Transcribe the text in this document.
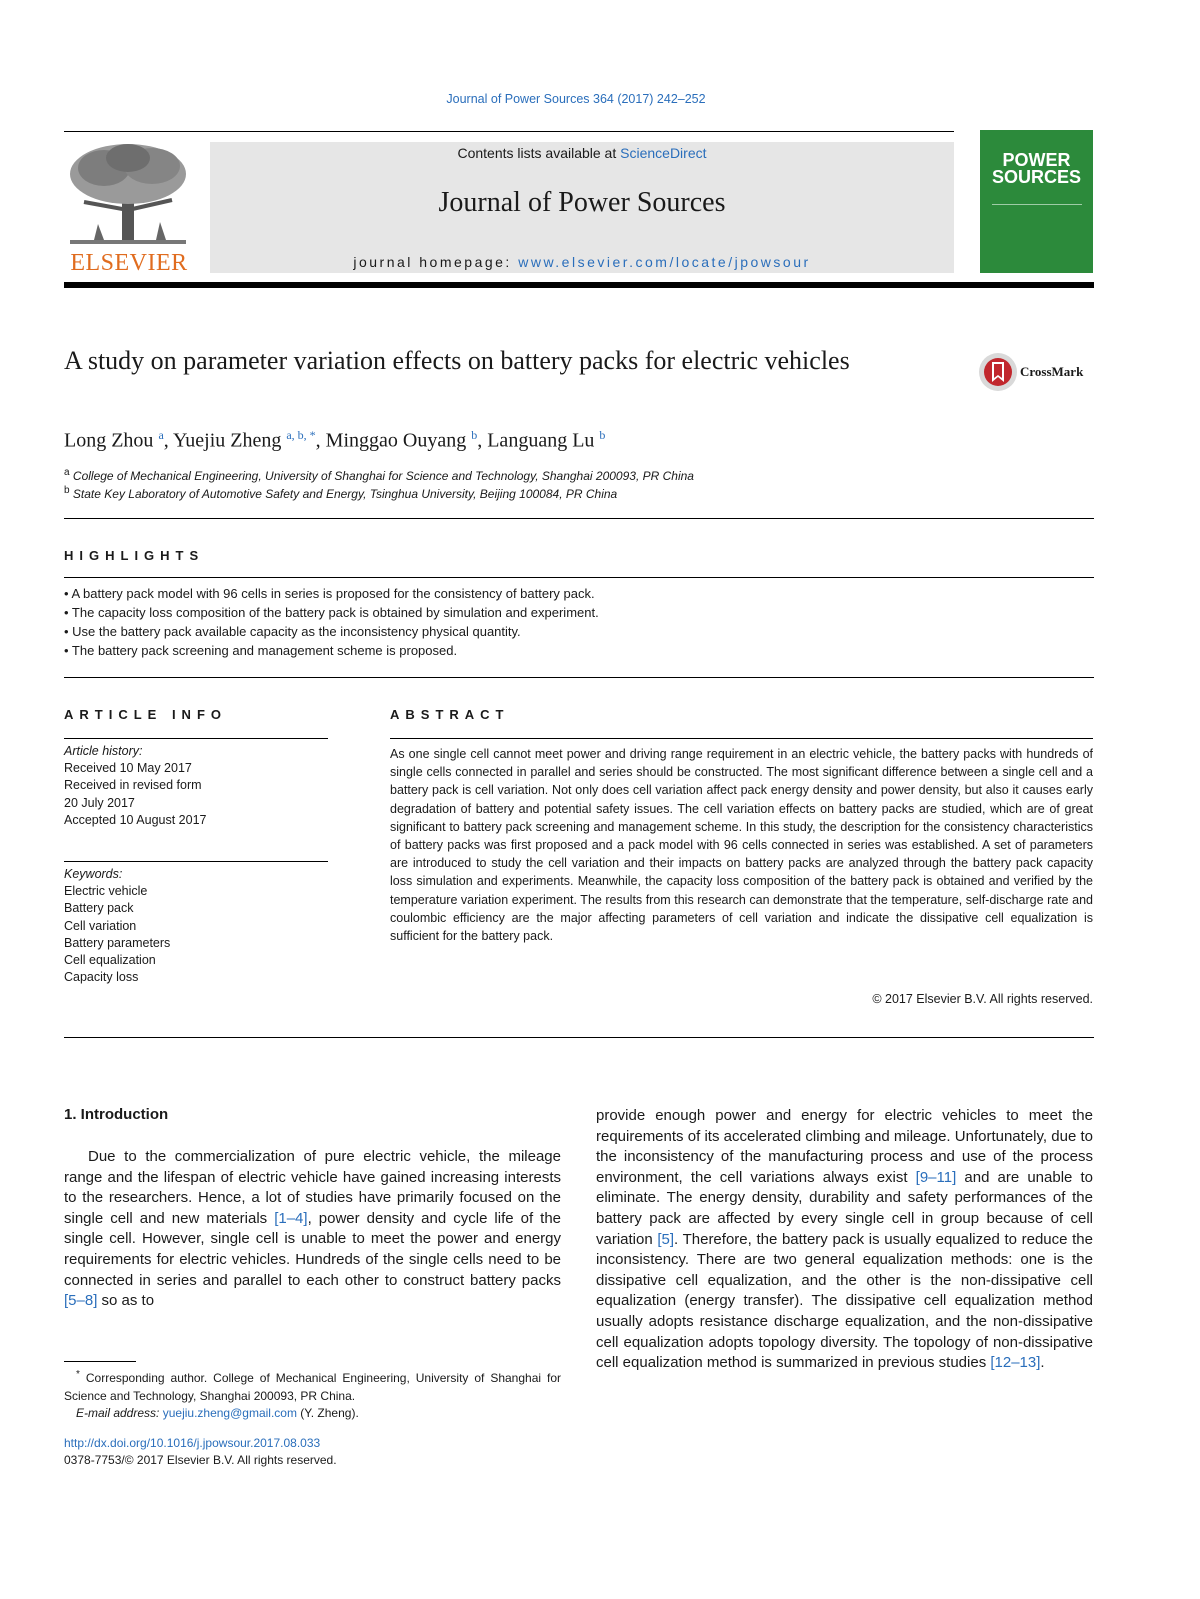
Journal of Power Sources 364 (2017) 242–252
ELSEVIER
Contents lists available at ScienceDirect
Journal of Power Sources
journal homepage: www.elsevier.com/locate/jpowsour
POWER
SOURCES
A study on parameter variation effects on battery packs for electric vehicles	CrossMark
Long Zhou $^a$, Yuejiu Zheng $^{a, b, *}$, Minggao Ouyang $^b$, Languang Lu $^b$
$^a$ College of Mechanical Engineering, University of Shanghai for Science and Technology, Shanghai 200093, PR China
$^b$ State Key Laboratory of Automotive Safety and Energy, Tsinghua University, Beijing 100084, PR China
HIGHLIGHTS
• A battery pack model with 96 cells in series is proposed for the consistency of battery pack.
• The capacity loss composition of the battery pack is obtained by simulation and experiment.
• Use the battery pack available capacity as the inconsistency physical quantity.
• The battery pack screening and management scheme is proposed.
ARTICLE INFO
Article history:
Received 10 May 2017
Received in revised form
20 July 2017
Accepted 10 August 2017
Keywords:
Electric vehicle
Battery pack
Cell variation
Battery parameters
Cell equalization
Capacity loss
ABSTRACT
As one single cell cannot meet power and driving range requirement in an electric vehicle, the battery packs with hundreds of single cells connected in parallel and series should be constructed. The most significant difference between a single cell and a battery pack is cell variation. Not only does cell variation affect pack energy density and power density, but also it causes early degradation of battery and potential safety issues. The cell variation effects on battery packs are studied, which are of great significant to battery pack screening and management scheme. In this study, the description for the consistency characteristics of battery packs was first proposed and a pack model with 96 cells connected in series was established. A set of parameters are introduced to study the cell variation and their impacts on battery packs are analyzed through the battery pack capacity loss simulation and experiments. Meanwhile, the capacity loss composition of the battery pack is obtained and verified by the temperature variation experiment. The results from this research can demonstrate that the temperature, self-discharge rate and coulombic efficiency are the major affecting parameters of cell variation and indicate the dissipative cell equalization is sufficient for the battery pack.
© 2017 Elsevier B.V. All rights reserved.
1. Introduction
Due to the commercialization of pure electric vehicle, the mileage range and the lifespan of electric vehicle have gained increasing interests to the researchers. Hence, a lot of studies have primarily focused on the single cell and new materials [1–4], power density and cycle life of the single cell. However, single cell is unable to meet the power and energy requirements for electric vehicles. Hundreds of the single cells need to be connected in series and parallel to each other to construct battery packs [5–8] so as to
provide enough power and energy for electric vehicles to meet the requirements of its accelerated climbing and mileage. Unfortunately, due to the inconsistency of the manufacturing process and use of the process environment, the cell variations always exist [9–11] and are unable to eliminate. The energy density, durability and safety performances of the battery pack are affected by every single cell in group because of cell variation [5]. Therefore, the battery pack is usually equalized to reduce the inconsistency. There are two general equalization methods: one is the dissipative cell equalization, and the other is the non-dissipative cell equalization (energy transfer). The dissipative cell equalization method usually adopts resistance discharge equalization, and the non-dissipative cell equalization adopts topology diversity. The topology of non-dissipative cell equalization method is summarized in previous studies [12–13].
* Corresponding author. College of Mechanical Engineering, University of Shanghai for Science and Technology, Shanghai 200093, PR China.
E-mail address: yuejiu.zheng@gmail.com (Y. Zheng).
http://dx.doi.org/10.1016/j.jpowsour.2017.08.033
0378-7753/© 2017 Elsevier B.V. All rights reserved.
